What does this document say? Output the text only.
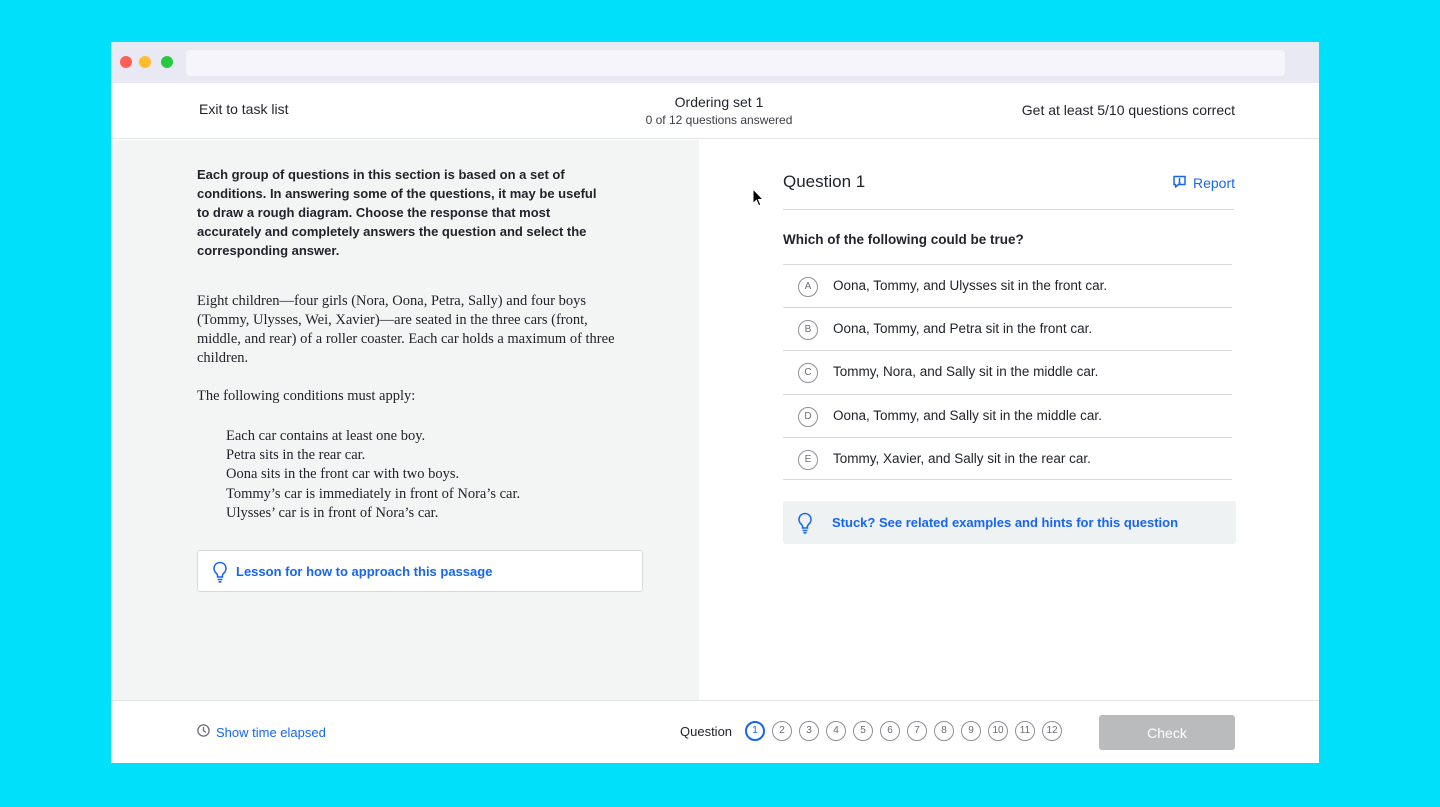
Exit to task list	Ordering set 1
0 of 12 questions answered
Get at least 5/10 questions correct

Each group of questions in this section is based on a set of conditions. In answering some of the questions, it may be useful to draw a rough diagram. Choose the response that most accurately and completely answers the question and select the corresponding answer.

Eight children—four girls (Nora, Oona, Petra, Sally) and four boys (Tommy, Ulysses, Wei, Xavier)—are seated in the three cars (front, middle, and rear) of a roller coaster. Each car holds a maximum of three children.

The following conditions must apply:

Each car contains at least one boy.
Petra sits in the rear car.
Oona sits in the front car with two boys.
Tommy’s car is immediately in front of Nora’s car.
Ulysses’ car is in front of Nora’s car.
Lesson for how to approach this passage
Question 1	Report

Which of the following could be true?

A	Oona, Tommy, and Ulysses sit in the front car.
B	Oona, Tommy, and Petra sit in the front car.
C	Tommy, Nora, and Sally sit in the middle car.
D	Oona, Tommy, and Sally sit in the middle car.
E	Tommy, Xavier, and Sally sit in the rear car.
Stuck? See related examples and hints for this question
Show time elapsed	Question	1	2	3	4	5	6	7	8	9	10	11	12	Check
